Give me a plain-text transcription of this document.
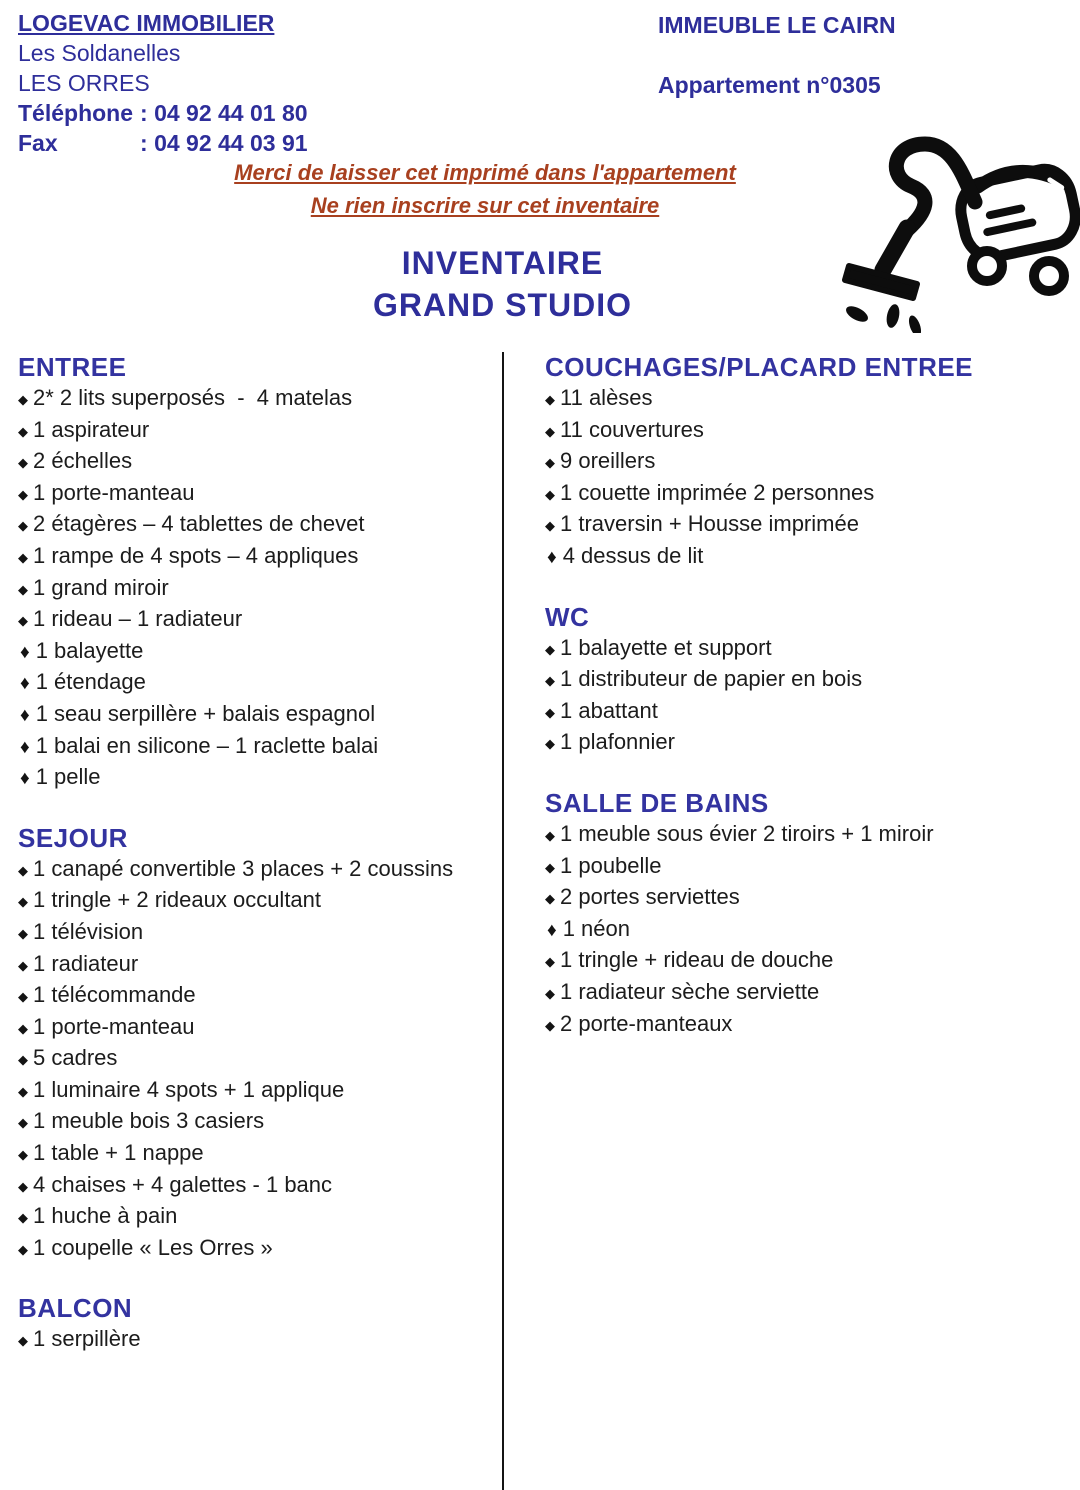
LOGEVAC IMMOBILIER
Les Soldanelles
LES ORRES
Téléphone : 04 92 44 01 80
Fax	: 04 92 44 03 91
IMMEUBLE LE CAIRN
Appartement n°0305
Merci de laisser cet imprimé dans l'appartement
Ne rien inscrire sur cet inventaire
INVENTAIRE
GRAND STUDIO
ENTREE
◆ 2* 2 lits superposés  -  4 matelas
◆ 1 aspirateur
◆ 2 échelles
◆ 1 porte-manteau
◆ 2 étagères – 4 tablettes de chevet
◆ 1 rampe de 4 spots – 4 appliques
◆ 1 grand miroir
◆ 1 rideau – 1 radiateur
♦ 1 balayette
♦ 1 étendage
♦ 1 seau serpillère + balais espagnol
♦ 1 balai en silicone – 1 raclette balai
♦ 1 pelle
SEJOUR
◆ 1 canapé convertible 3 places + 2 coussins
◆ 1 tringle + 2 rideaux occultant
◆ 1 télévision
◆ 1 radiateur
◆ 1 télécommande
◆ 1 porte-manteau
◆ 5 cadres
◆ 1 luminaire 4 spots + 1 applique
◆ 1 meuble bois 3 casiers
◆ 1 table + 1 nappe
◆ 4 chaises + 4 galettes - 1 banc
◆ 1 huche à pain
◆ 1 coupelle « Les Orres »
BALCON
◆ 1 serpillère
COUCHAGES/PLACARD ENTREE
◆ 11 alèses
◆ 11 couvertures
◆ 9 oreillers
◆ 1 couette imprimée 2 personnes
◆ 1 traversin + Housse imprimée
♦ 4 dessus de lit
WC
◆ 1 balayette et support
◆ 1 distributeur de papier en bois
◆ 1 abattant
◆ 1 plafonnier
SALLE DE BAINS
◆ 1 meuble sous évier 2 tiroirs + 1 miroir
◆ 1 poubelle
◆ 2 portes serviettes
♦ 1 néon
◆ 1 tringle + rideau de douche
◆ 1 radiateur sèche serviette
◆ 2 porte-manteaux
